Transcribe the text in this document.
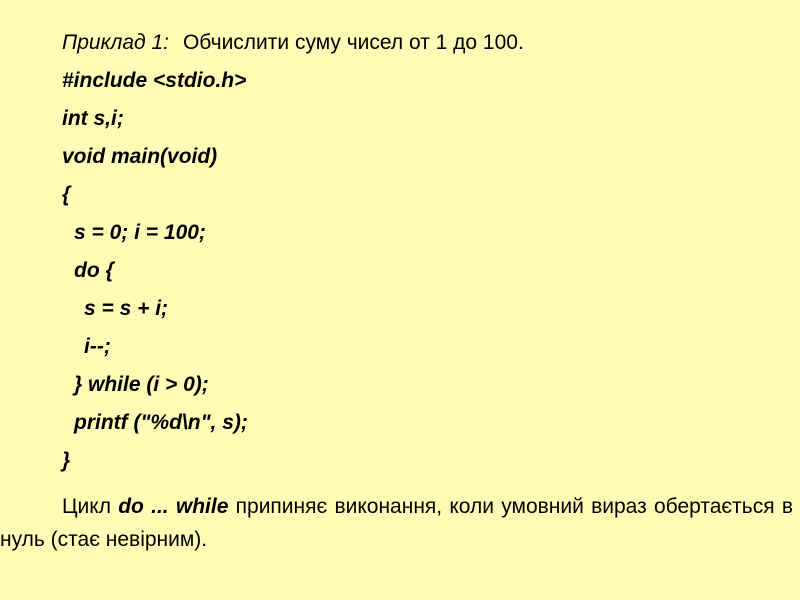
Приклад 1: Обчислити суму чисел от 1 до 100.
#include <stdio.h>
int s,i;
void main(void)
{
s = 0; i = 100;
do {
s = s + i;
i--;
} while (i > 0);
printf ("%d\n", s);
}
Цикл do ... while припиняє виконання, коли умовний вираз обертається в нуль (стає невірним).
